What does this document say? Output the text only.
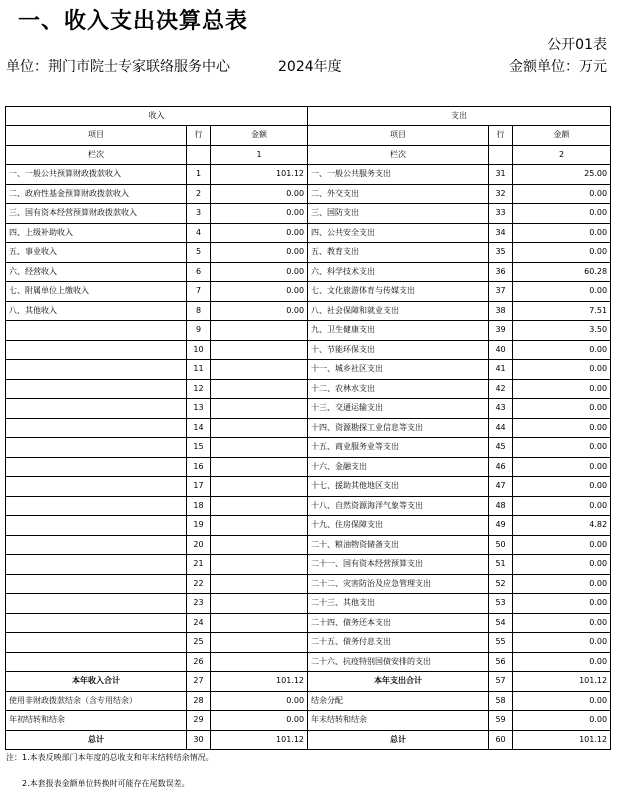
一、收入支出决算总表
公开01表
单位：荆门市院士专家联络服务中心	2024年度	金额单位：万元
收入			支出		
项目	行	金额	项目	行	金额
栏次		1	栏次		2
一、一般公共预算财政拨款收入	1	101.12	一、一般公共服务支出	31	25.00
二、政府性基金预算财政拨款收入	2	0.00	二、外交支出	32	0.00
三、国有资本经营预算财政拨款收入	3	0.00	三、国防支出	33	0.00
四、上级补助收入	4	0.00	四、公共安全支出	34	0.00
五、事业收入	5	0.00	五、教育支出	35	0.00
六、经营收入	6	0.00	六、科学技术支出	36	60.28
七、附属单位上缴收入	7	0.00	七、文化旅游体育与传媒支出	37	0.00
八、其他收入	8	0.00	八、社会保障和就业支出	38	7.51
	9		九、卫生健康支出	39	3.50
	10		十、节能环保支出	40	0.00
	11		十一、城乡社区支出	41	0.00
	12		十二、农林水支出	42	0.00
	13		十三、交通运输支出	43	0.00
	14		十四、资源勘探工业信息等支出	44	0.00
	15		十五、商业服务业等支出	45	0.00
	16		十六、金融支出	46	0.00
	17		十七、援助其他地区支出	47	0.00
	18		十八、自然资源海洋气象等支出	48	0.00
	19		十九、住房保障支出	49	4.82
	20		二十、粮油物资储备支出	50	0.00
	21		二十一、国有资本经营预算支出	51	0.00
	22		二十二、灾害防治及应急管理支出	52	0.00
	23		二十三、其他支出	53	0.00
	24		二十四、债务还本支出	54	0.00
	25		二十五、债务付息支出	55	0.00
	26		二十六、抗疫特别国债安排的支出	56	0.00
本年收入合计	27	101.12	本年支出合计	57	101.12
使用非财政拨款结余（含专用结余）	28	0.00	结余分配	58	0.00
年初结转和结余	29	0.00	年末结转和结余	59	0.00
总计	30	101.12	总计	60	101.12
注：1.本表反映部门本年度的总收支和年末结转结余情况。
2.本套报表金额单位转换时可能存在尾数误差。
